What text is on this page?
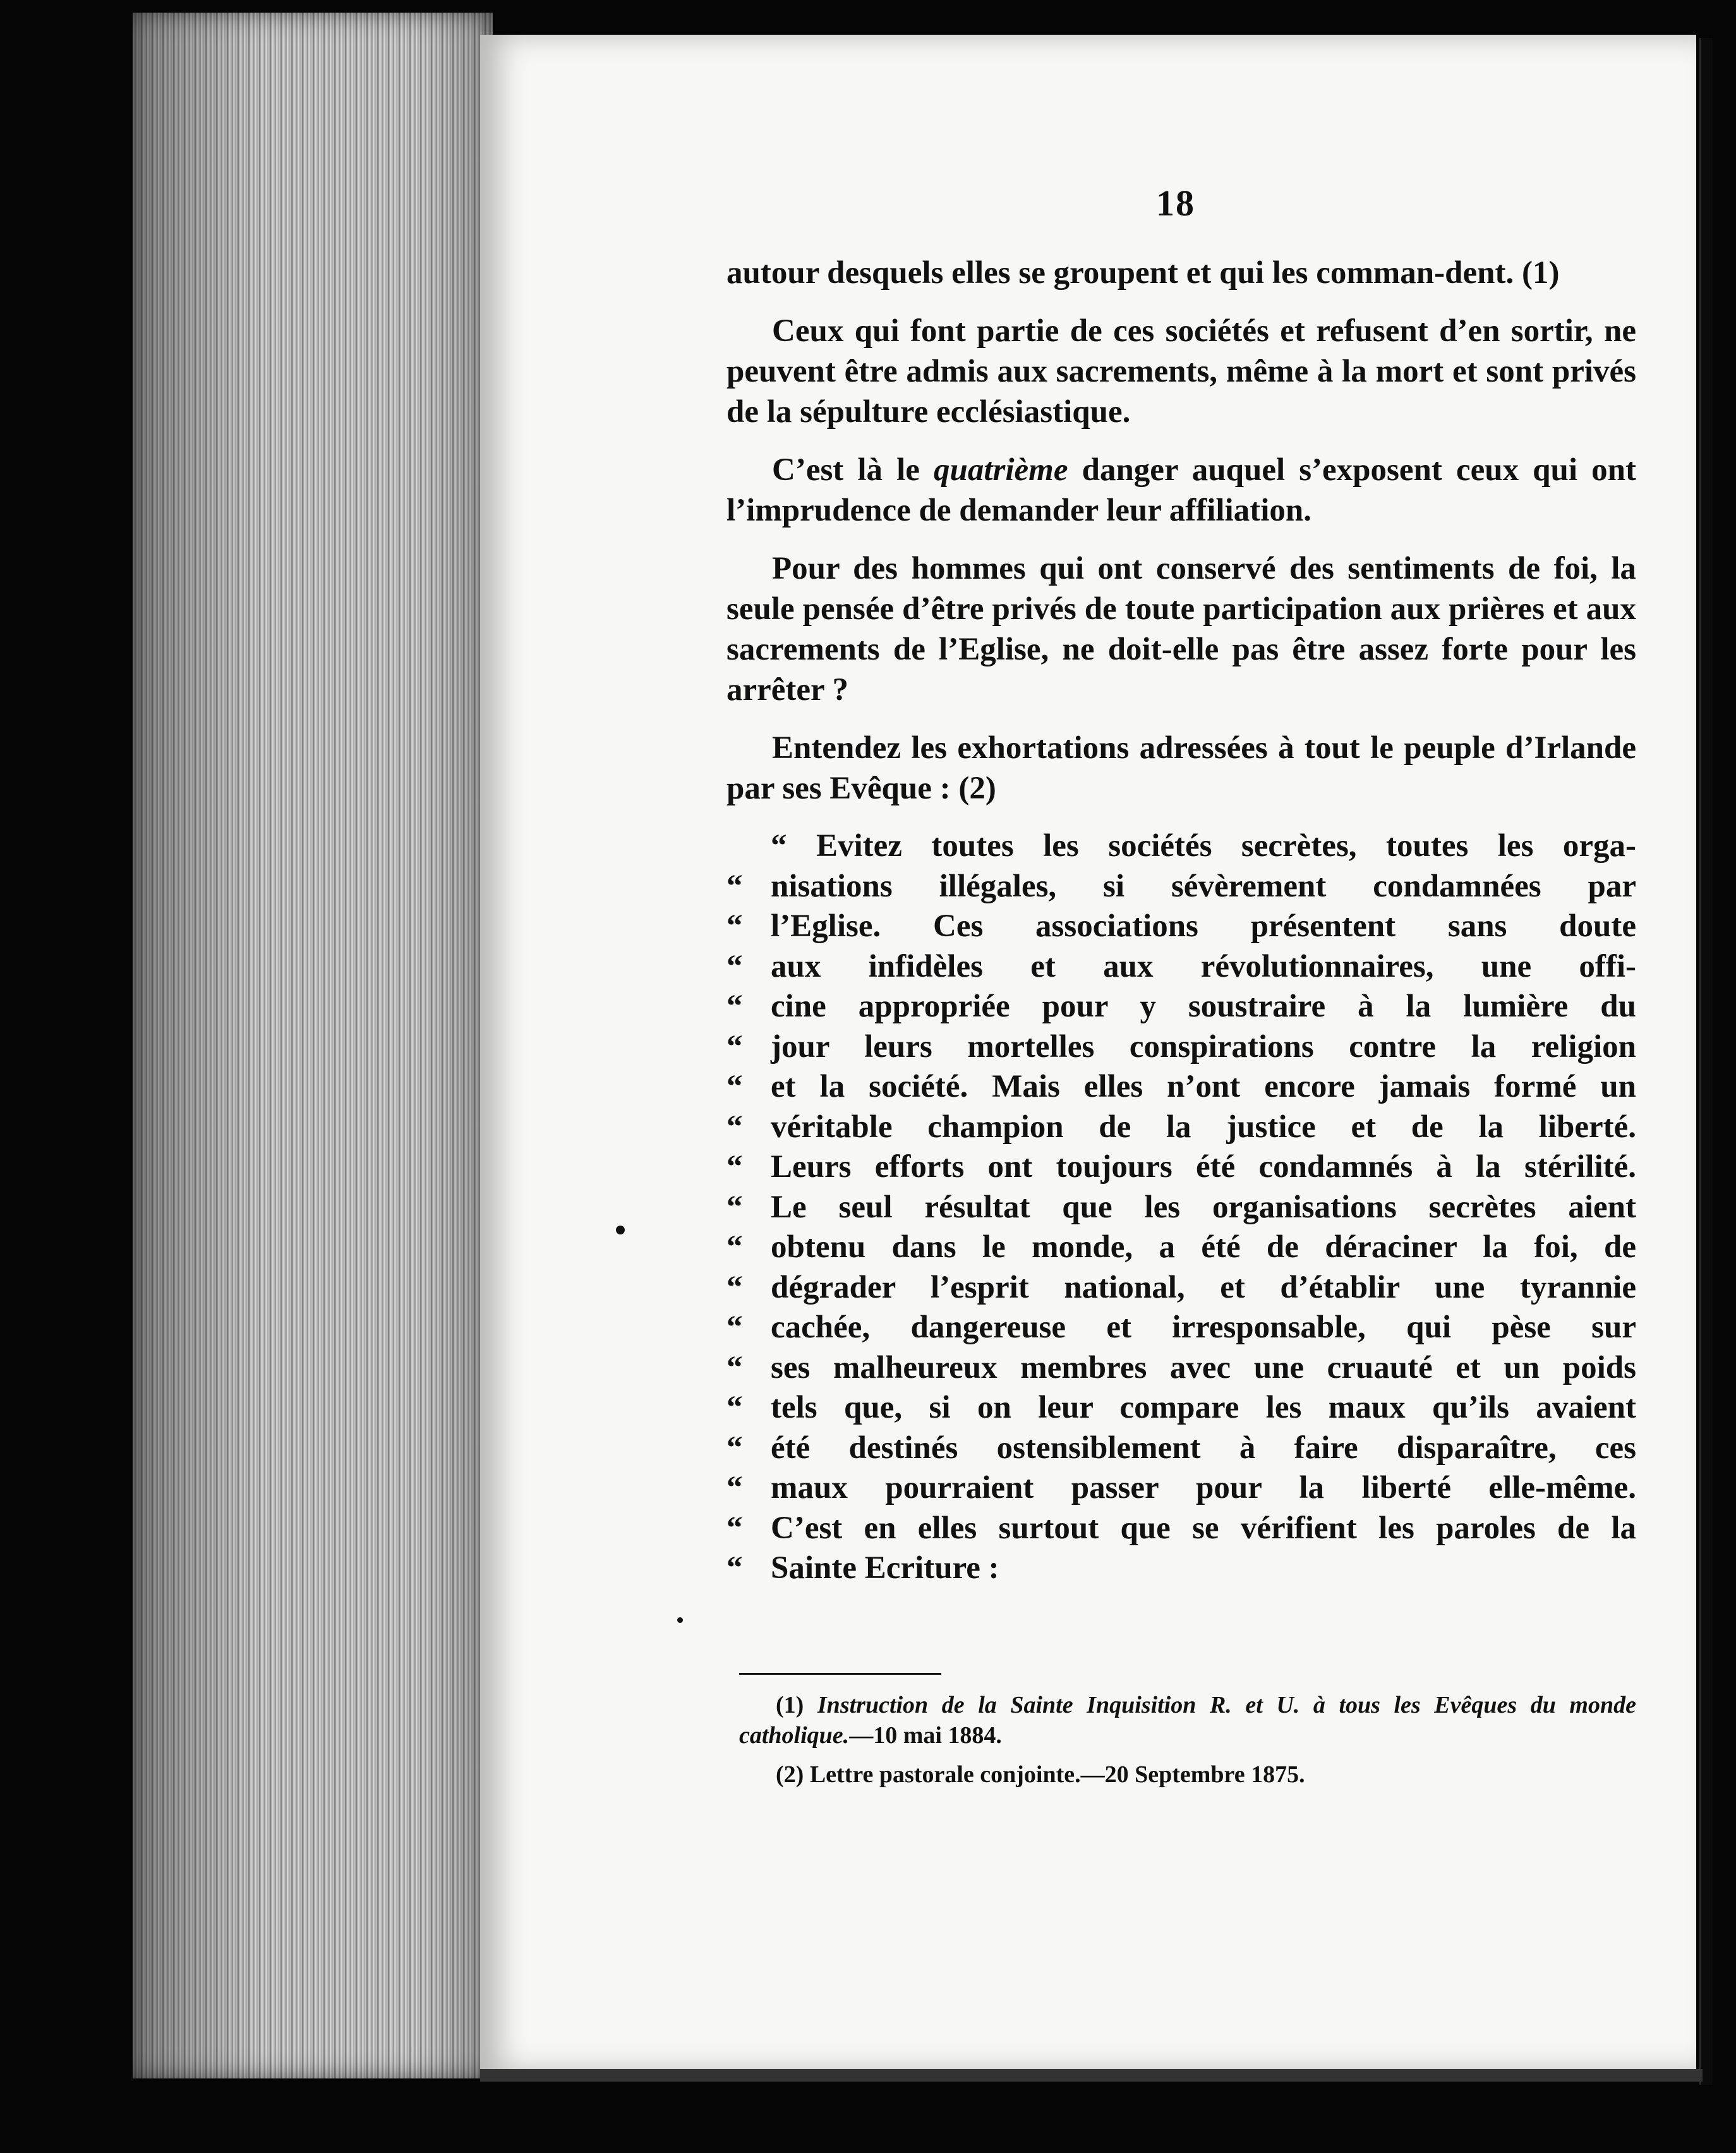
18

autour desquels elles se groupent et qui les comman-dent. (1)

Ceux qui font partie de ces sociétés et refusent d’en sortir, ne peuvent être admis aux sacrements, même à la mort et sont privés de la sépulture ecclésiastique.

C’est là le quatrième danger auquel s’exposent ceux qui ont l’imprudence de demander leur affiliation.

Pour des hommes qui ont conservé des sentiments de foi, la seule pensée d’être privés de toute participation aux prières et aux sacrements de l’Eglise, ne doit-elle pas être assez forte pour les arrêter ?

Entendez les exhortations adressées à tout le peuple d’Irlande par ses Evêque : (2)

“ Evitez toutes les sociétés secrètes, toutes les orga-
“ nisations illégales, si sévèrement condamnées par
“ l’Eglise. Ces associations présentent sans doute
“ aux infidèles et aux révolutionnaires, une offi-
“ cine appropriée pour y soustraire à la lumière du
“ jour leurs mortelles conspirations contre la religion
“ et la société. Mais elles n’ont encore jamais formé un
“ véritable champion de la justice et de la liberté.
“ Leurs efforts ont toujours été condamnés à la stérilité.
“ Le seul résultat que les organisations secrètes aient
“ obtenu dans le monde, a été de déraciner la foi, de
“ dégrader l’esprit national, et d’établir une tyrannie
“ cachée, dangereuse et irresponsable, qui pèse sur
“ ses malheureux membres avec une cruauté et un poids
“ tels que, si on leur compare les maux qu’ils avaient
“ été destinés ostensiblement à faire disparaître, ces
“ maux pourraient passer pour la liberté elle-même.
“ C’est en elles surtout que se vérifient les paroles de la
“ Sainte Ecriture :

(1) Instruction de la Sainte Inquisition R. et U. à tous les Evêques du monde catholique.—10 mai 1884.

(2) Lettre pastorale conjointe.—20 Septembre 1875.
